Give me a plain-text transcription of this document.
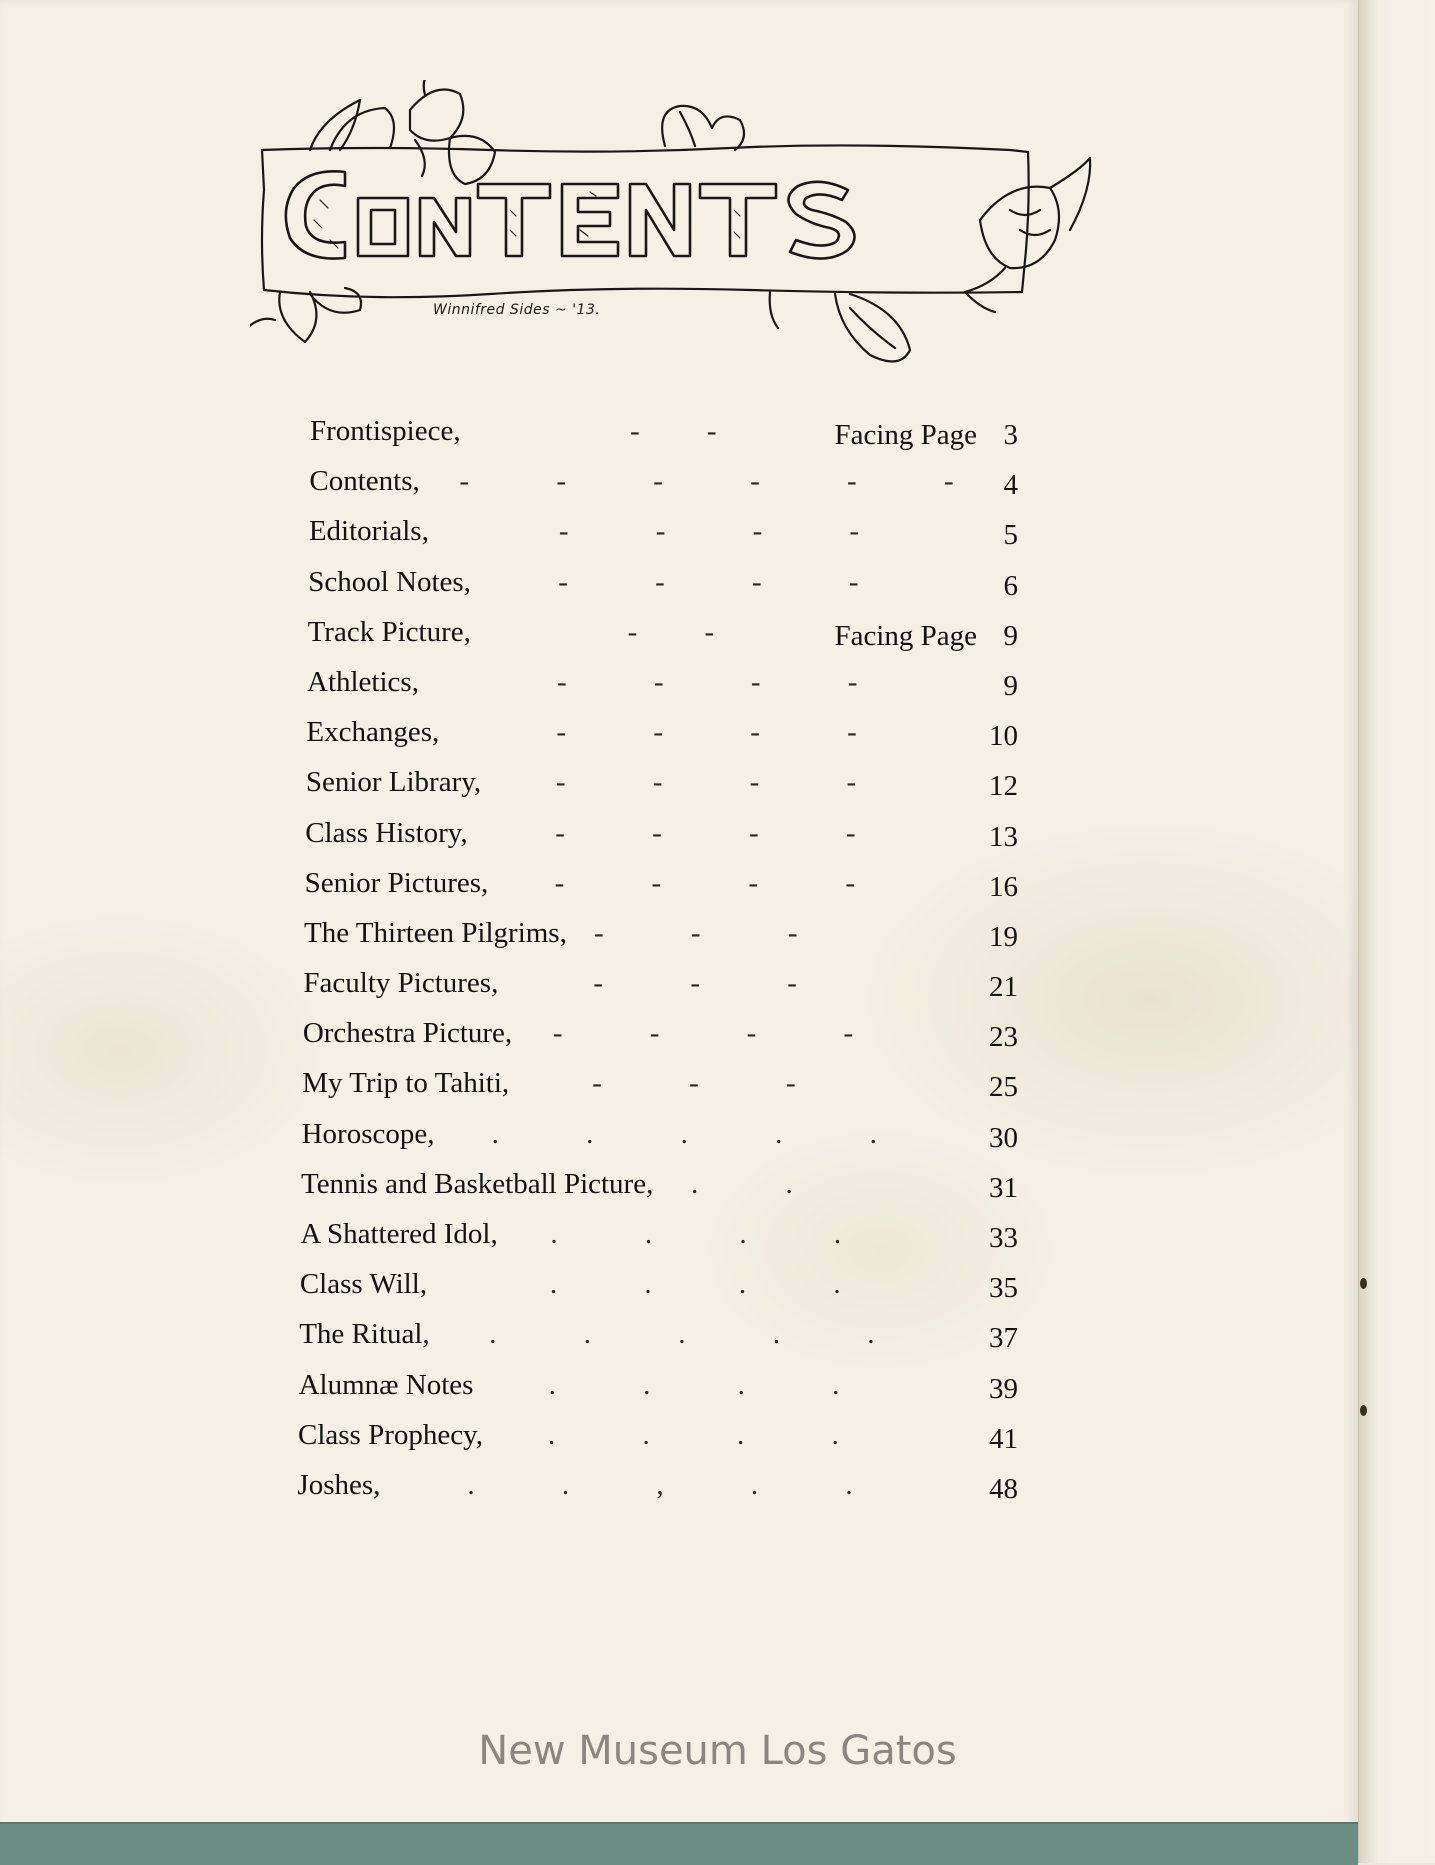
Winnifred Sides ~ '13.
Frontispiece,	- -	Facing Page 3
Contents, - - - - - -	4
Editorials,	- - - -	5
School Notes,	- - - -	6
Track Picture,	- -	Facing Page 9
Athletics,	- - - -	9
Exchanges,	- - - -	10
Senior Library,	- - - -	12
Class History,	- - - -	13
Senior Pictures, - - - -	16
The Thirteen Pilgrims, - - -	19
Faculty Pictures,	- - -	21
Orchestra Picture, - - - -	23
My Trip to Tahiti,	- - -	25
Horoscope, . . . . .	30
Tennis and Basketball Picture, . .	31
A Shattered Idol, . . . .	33
Class Will,	. . . .	35
The Ritual, . . . . .	37
Alumnæ Notes	. . . .	39
Class Prophecy, . . . .	41
Joshes,	. . , . .	48
New Museum Los Gatos
